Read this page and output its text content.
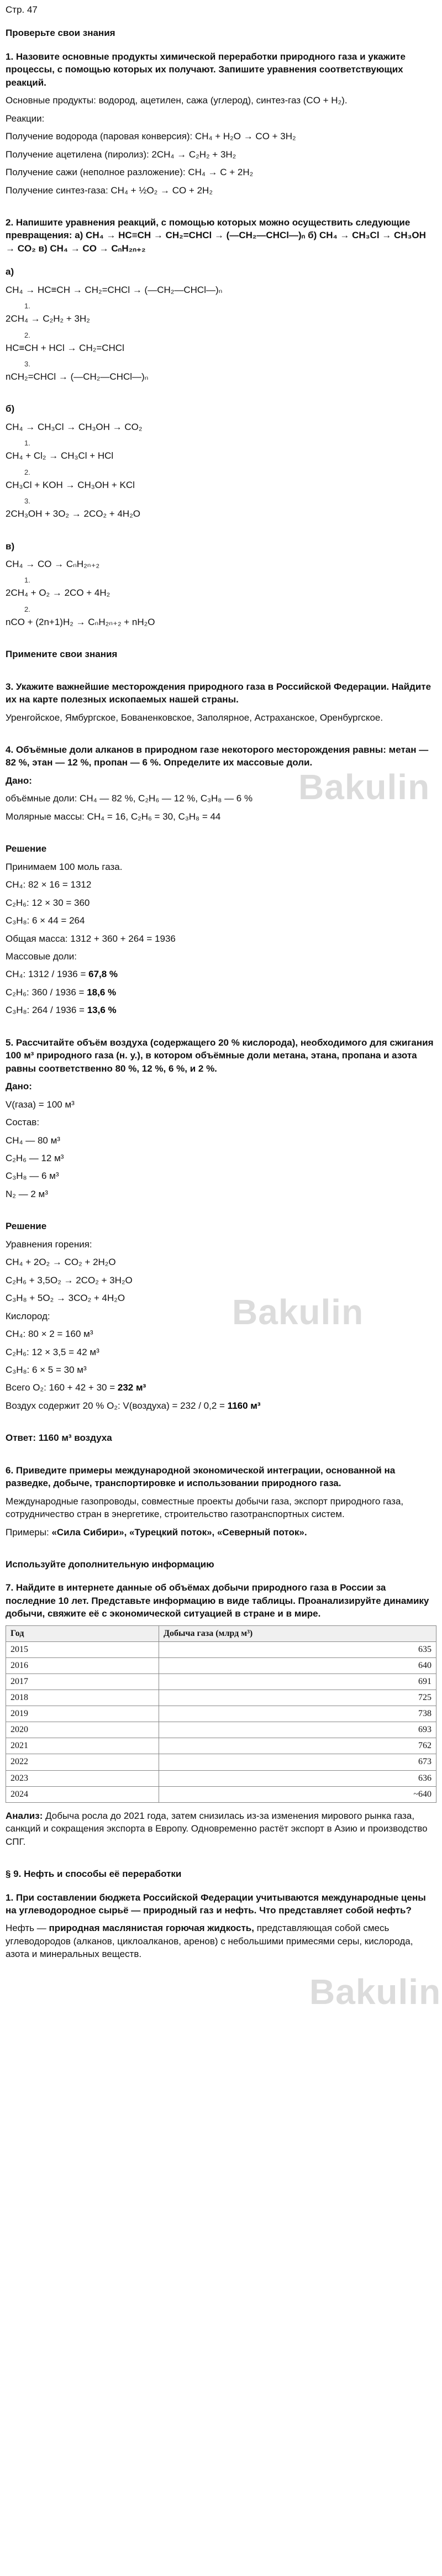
Bakulin
Bakulin
Bakulin

Стр. 47

Проверьте свои знания

1. Назовите основные продукты химической переработки природного газа и укажите процессы, с помощью которых их получают. Запишите уравнения соответствующих реакций.

Основные продукты: водород, ацетилен, сажа (углерод), синтез-газ (CO + H₂).

Реакции:

Получение водорода (паровая конверсия): CH₄ + H₂O → CO + 3H₂

Получение ацетилена (пиролиз): 2CH₄ → C₂H₂ + 3H₂

Получение сажи (неполное разложение): CH₄ → C + 2H₂

Получение синтез-газа: CH₄ + ½O₂ → CO + 2H₂

2. Напишите уравнения реакций, с помощью которых можно осуществить следующие превращения: а) CH₄ → HC≡CH → CH₂=CHCl → (—CH₂—CHCl—)ₙ б) CH₄ → CH₃Cl → CH₃OH → CO₂ в) CH₄ → CO → CₙH₂ₙ₊₂

а)

CH₄ → HC≡CH → CH₂=CHCl → (—CH₂—CHCl—)ₙ

1.

2CH₄ → C₂H₂ + 3H₂

2.

HC≡CH + HCl → CH₂=CHCl

3.

nCH₂=CHCl → (—CH₂—CHCl—)ₙ

б)

CH₄ → CH₃Cl → CH₃OH → CO₂

1.

CH₄ + Cl₂ → CH₃Cl + HCl

2.

CH₃Cl + KOH → CH₃OH + KCl

3.

2CH₃OH + 3O₂ → 2CO₂ + 4H₂O

в)

CH₄ → CO → CₙH₂ₙ₊₂

1.

2CH₄ + O₂ → 2CO + 4H₂

2.

nCO + (2n+1)H₂ → CₙH₂ₙ₊₂ + nH₂O

Примените свои знания

3. Укажите важнейшие месторождения природного газа в Российской Федерации. Найдите их на карте полезных ископаемых нашей страны.

Уренгойское, Ямбургское, Бованенковское, Заполярное, Астраханское, Оренбургское.

4. Объёмные доли алканов в природном газе некоторого месторождения равны: метан — 82 %, этан — 12 %, пропан — 6 %. Определите их массовые доли.

Дано:

объёмные доли: CH₄ — 82 %, C₂H₆ — 12 %, C₃H₈ — 6 %

Молярные массы: CH₄ = 16, C₂H₆ = 30, C₃H₈ = 44

Решение

Принимаем 100 моль газа.

CH₄: 82 × 16 = 1312

C₂H₆: 12 × 30 = 360

C₃H₈: 6 × 44 = 264

Общая масса: 1312 + 360 + 264 = 1936

Массовые доли:

CH₄: 1312 / 1936 = 67,8 %

C₂H₆: 360 / 1936 = 18,6 %

C₃H₈: 264 / 1936 = 13,6 %

5. Рассчитайте объём воздуха (содержащего 20 % кислорода), необходимого для сжигания 100 м³ природного газа (н. у.), в котором объёмные доли метана, этана, пропана и азота равны соответственно 80 %, 12 %, 6 %, и 2 %.

Дано:

V(газа) = 100 м³

Состав:

CH₄ — 80 м³

C₂H₆ — 12 м³

C₃H₈ — 6 м³

N₂ — 2 м³

Решение

Уравнения горения:

CH₄ + 2O₂ → CO₂ + 2H₂O

C₂H₆ + 3,5O₂ → 2CO₂ + 3H₂O

C₃H₈ + 5O₂ → 3CO₂ + 4H₂O

Кислород:

CH₄: 80 × 2 = 160 м³

C₂H₆: 12 × 3,5 = 42 м³

C₃H₈: 6 × 5 = 30 м³

Всего O₂: 160 + 42 + 30 = 232 м³

Воздух содержит 20 % O₂: V(воздуха) = 232 / 0,2 = 1160 м³

Ответ: 1160 м³ воздуха

6. Приведите примеры международной экономической интеграции, основанной на разведке, добыче, транспортировке и использовании природного газа.

Международные газопроводы, совместные проекты добычи газа, экспорт природного газа, сотрудничество стран в энергетике, строительство газотранспортных систем.

Примеры: «Сила Сибири», «Турецкий поток», «Северный поток».

Используйте дополнительную информацию

7. Найдите в интернете данные об объёмах добычи природного газа в России за последние 10 лет. Представьте информацию в виде таблицы. Проанализируйте динамику добычи, свяжите её с экономической ситуацией в стране и в мире.

Год	Добыча газа (млрд м³)
2015	635
2016	640
2017	691
2018	725
2019	738
2020	693
2021	762
2022	673
2023	636
2024	~640

Анализ: Добыча росла до 2021 года, затем снизилась из-за изменения мирового рынка газа, санкций и сокращения экспорта в Европу. Одновременно растёт экспорт в Азию и производство СПГ.

§ 9. Нефть и способы её переработки

1. При составлении бюджета Российской Федерации учитываются международные цены на углеводородное сырьё — природный газ и нефть. Что представляет собой нефть?

Нефть — природная маслянистая горючая жидкость, представляющая собой смесь углеводородов (алканов, циклоалканов, аренов) с небольшими примесями серы, кислорода, азота и минеральных веществ.
